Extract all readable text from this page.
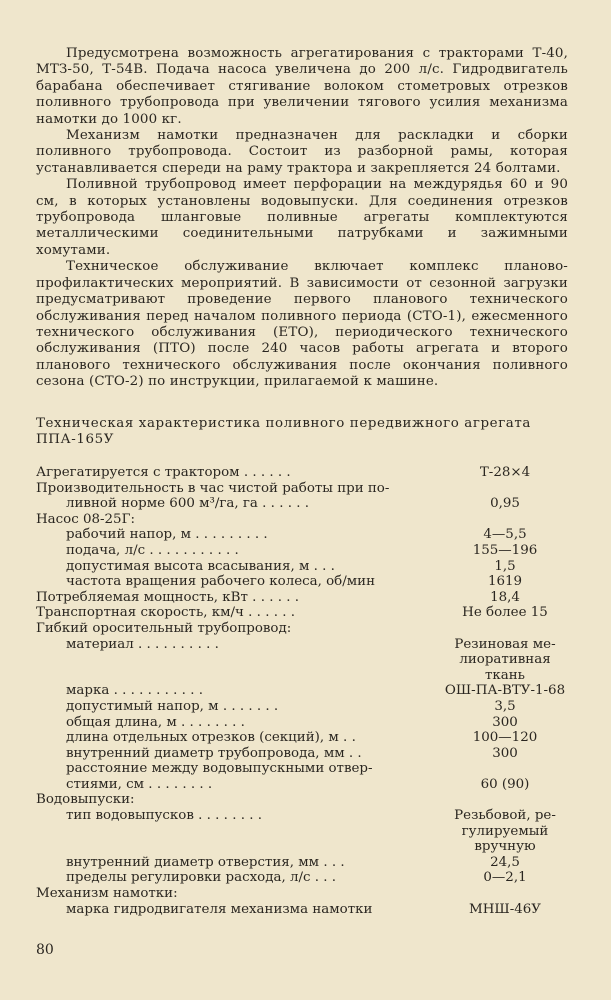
Предусмотрена возможность агрегатирования с тракторами Т-40, МТЗ-50, Т-54В. Подача насоса увеличена до 200 л/с. Гидродвигатель барабана обеспечивает стягивание волоком стометровых отрезков поливного трубопровода при увеличении тягового усилия механизма намотки до 1000 кг.

Механизм намотки предназначен для раскладки и сборки поливного трубопровода. Состоит из разборной рамы, которая устанавливается спереди на раму трактора и закрепляется 24 болтами.

Поливной трубопровод имеет перфорации на междурядья 60 и 90 см, в которых установлены водовыпуски. Для соединения отрезков трубопровода шланговые поливные агрегаты комплектуются металлическими соединительными патрубками и зажимными хомутами.

Техническое обслуживание включает комплекс планово-профилактических мероприятий. В зависимости от сезонной загрузки предусматривают проведение первого планового технического обслуживания перед началом поливного периода (СТО-1), ежесменного технического обслуживания (ЕТО), периодического технического обслуживания (ПТО) после 240 часов работы агрегата и второго планового технического обслуживания после окончания поливного сезона (СТО-2) по инструкции, прилагаемой к машине.

Техническая характеристика поливного передвижного агрегата
ППА-165У
Агрегатируется с трактором . . . . . .	Т-28×4
Производительность в час чистой работы при по-
ливной норме 600 м³/га, га . . . . . .	0,95
Насос 08-25Г:
рабочий напор, м . . . . . . . . .	4—5,5
подача, л/с . . . . . . . . . . .	155—196
допустимая высота всасывания, м . . .	1,5
частота вращения рабочего колеса, об/мин	1619
Потребляемая мощность, кВт . . . . . .	18,4
Транспортная скорость, км/ч . . . . . .	Не более 15
Гибкий оросительный трубопровод:
материал . . . . . . . . . .	Резиновая ме-
лиоративная
ткань
марка . . . . . . . . . . .	ОШ-ПА-ВТУ-1-68
допустимый напор, м . . . . . . .	3,5
общая длина, м . . . . . . . .	300
длина отдельных отрезков (секций), м . .	100—120
внутренний диаметр трубопровода, мм . .	300
расстояние между водовыпускными отвер-
стиями, см . . . . . . . .	60 (90)
Водовыпуски:
тип водовыпусков . . . . . . . .	Резьбовой, ре-
гулируемый
вручную
внутренний диаметр отверстия, мм . . .	24,5
пределы регулировки расхода, л/с . . .	0—2,1
Механизм намотки:
марка гидродвигателя механизма намотки	МНШ-46У
80
